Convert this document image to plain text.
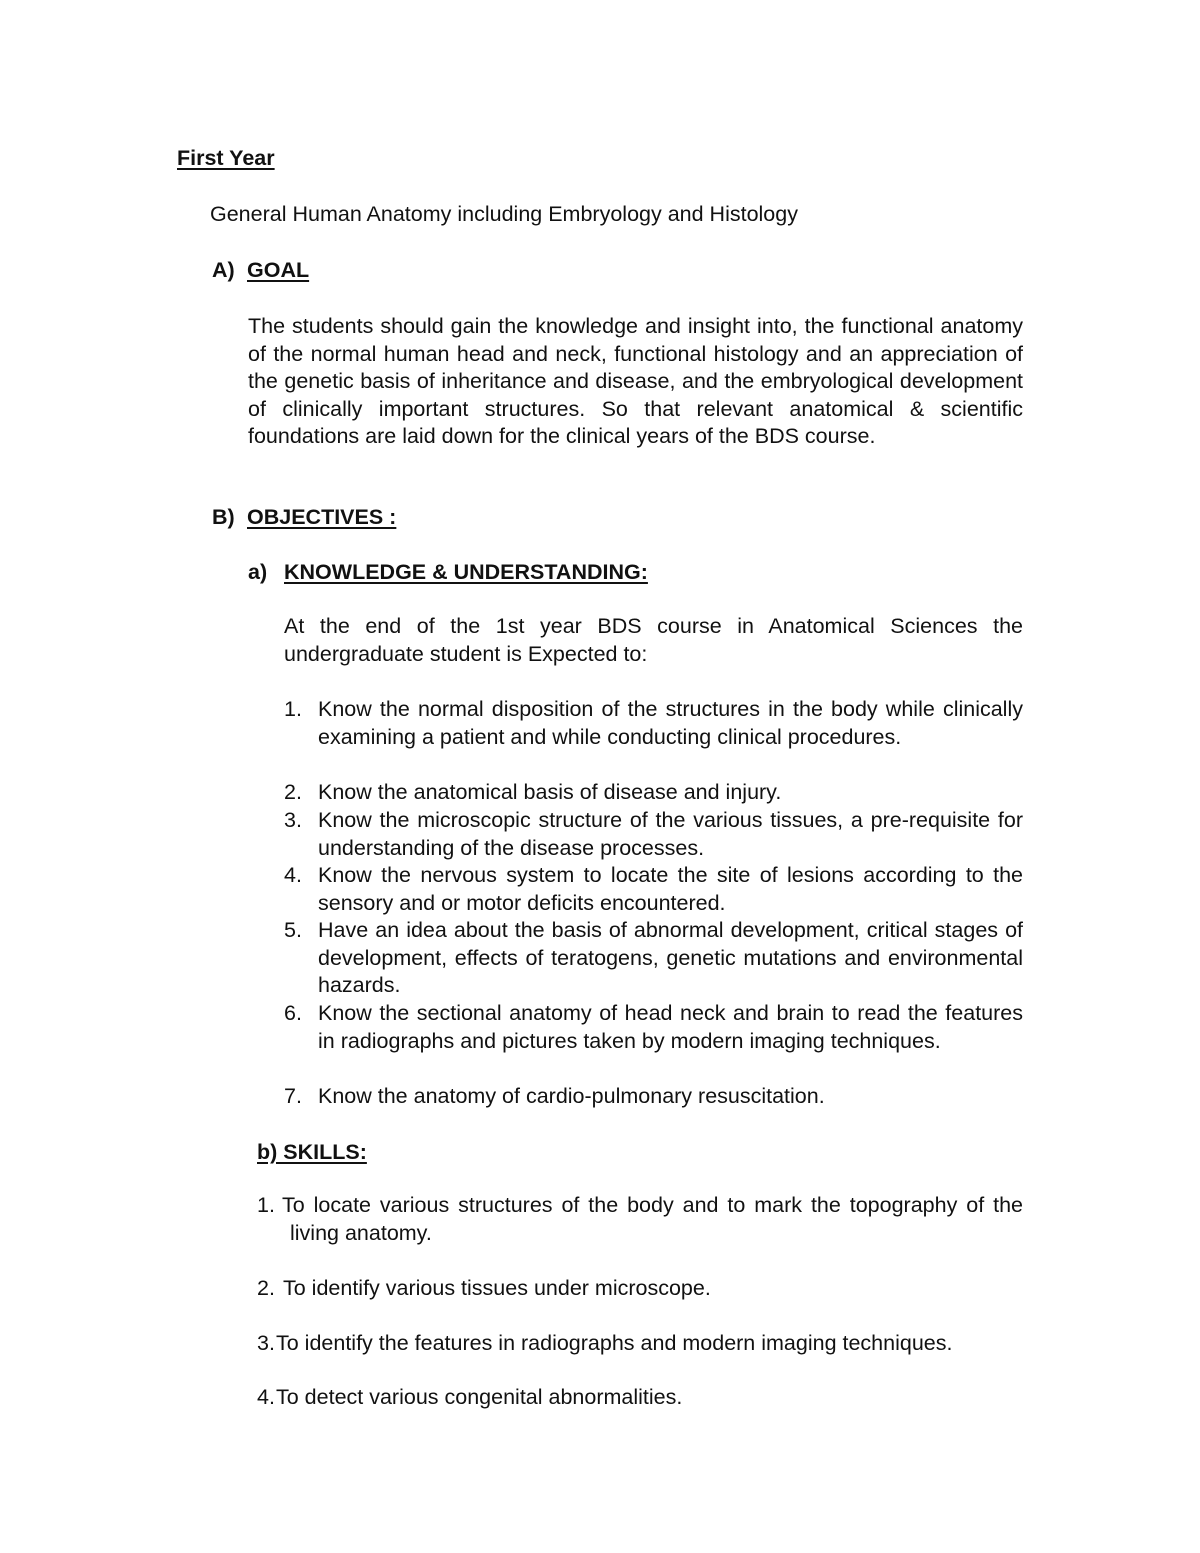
First Year
General Human Anatomy including Embryology and Histology
A) GOAL
The students should gain the knowledge and insight into, the functional anatomy of the normal human head and neck, functional histology and an appreciation of the genetic basis of inheritance and disease, and the embryological development of clinically important structures. So that relevant anatomical & scientific foundations are laid down for the clinical years of the BDS course.
B) OBJECTIVES :
a) KNOWLEDGE & UNDERSTANDING:
At the end of the 1st year BDS course in Anatomical Sciences the undergraduate student is Expected to:
1. Know the normal disposition of the structures in the body while clinically examining a patient and while conducting clinical procedures.
2. Know the anatomical basis of disease and injury.
3. Know the microscopic structure of the various tissues, a pre-requisite for understanding of the disease processes.
4. Know the nervous system to locate the site of lesions according to the sensory and or motor deficits encountered.
5. Have an idea about the basis of abnormal development, critical stages of development, effects of teratogens, genetic mutations and environmental hazards.
6. Know the sectional anatomy of head neck and brain to read the features in radiographs and pictures taken by modern imaging techniques.
7. Know the anatomy of cardio-pulmonary resuscitation.
b) SKILLS:
1. To locate various structures of the body and to mark the topography of the living anatomy.
2. To identify various tissues under microscope.
3. To identify the features in radiographs and modern imaging techniques.
4. To detect various congenital abnormalities.
